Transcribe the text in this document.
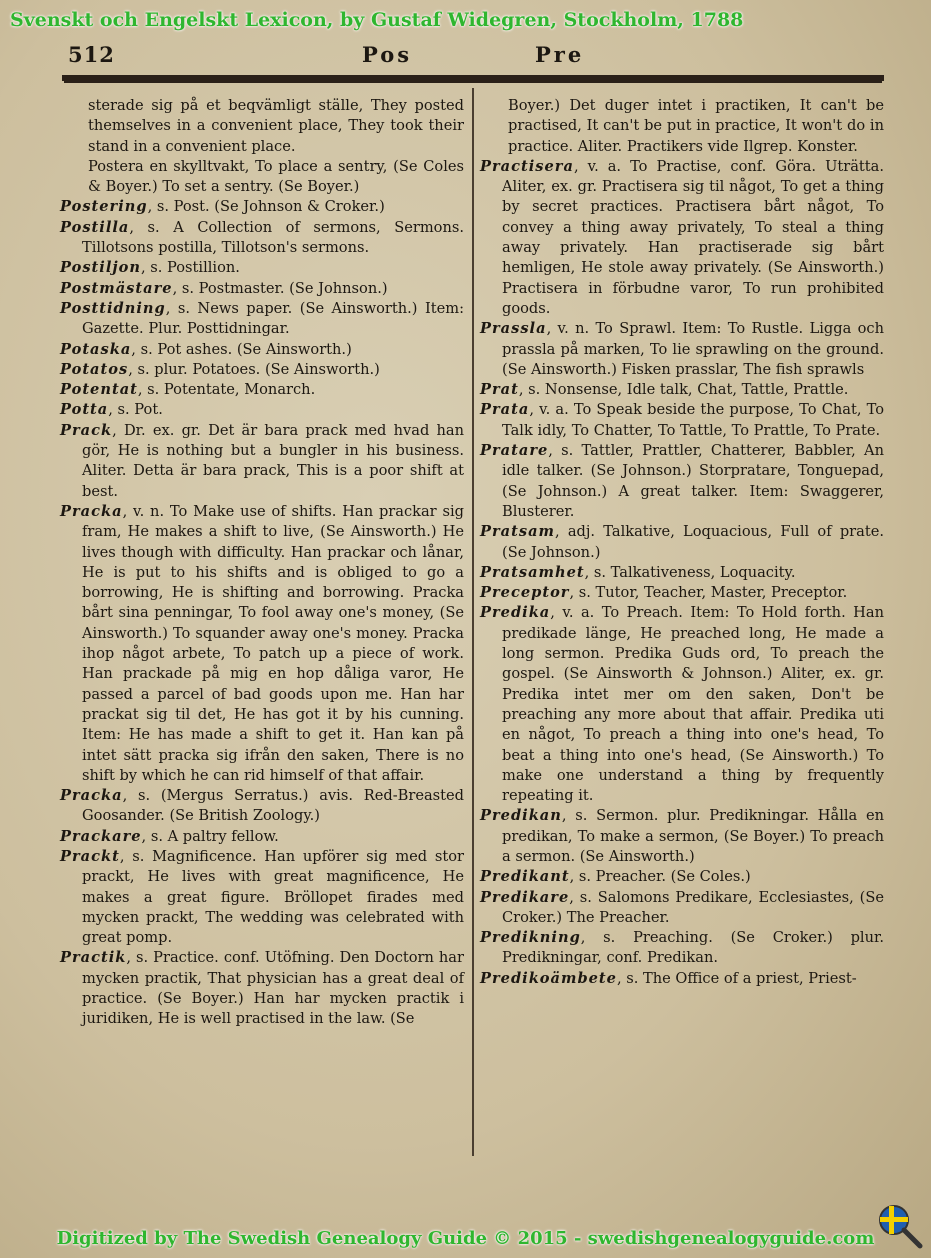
Svenskt och Engelskt Lexicon, by Gustaf Widegren, Stockholm, 1788
512	Pos	Pre

sterade sig på et beqvämligt ställe, They posted themselves in a convenient place, They took their stand in a convenient place.

Postera en skylltvakt, To place a sentry, (Se Coles & Boyer.) To set a sentry. (Se Boyer.)

Postering, s. Post. (Se Johnson & Croker.)

Postilla, s. A Collection of sermons, Sermons. Tillotsons postilla, Tillotson's sermons.

Postiljon, s. Postillion.

Postmästare, s. Postmaster. (Se Johnson.)

Posttidning, s. News paper. (Se Ainsworth.) Item: Gazette. Plur. Posttidningar.

Potaska, s. Pot ashes. (Se Ainsworth.)

Potatos, s. plur. Potatoes. (Se Ainsworth.)

Potentat, s. Potentate, Monarch.

Potta, s. Pot.

Prack, Dr. ex. gr. Det är bara prack med hvad han gör, He is nothing but a bungler in his business. Aliter. Detta är bara prack, This is a poor shift at best.

Pracka, v. n. To Make use of shifts. Han prackar sig fram, He makes a shift to live, (Se Ainsworth.) He lives though with difficulty. Han prackar och lånar, He is put to his shifts and is obliged to go a borrowing, He is shifting and borrowing. Pracka bårt sina penningar, To fool away one's money, (Se Ainsworth.) To squander away one's money. Pracka ihop något arbete, To patch up a piece of work. Han prackade på mig en hop dåliga varor, He passed a parcel of bad goods upon me. Han har prackat sig til det, He has got it by his cunning. Item: He has made a shift to get it. Han kan på intet sätt pracka sig ifrån den saken, There is no shift by which he can rid himself of that affair.

Pracka, s. (Mergus Serratus.) avis. Red-Breasted Goosander. (Se British Zoology.)

Prackare, s. A paltry fellow.

Prackt, s. Magnificence. Han upförer sig med stor prackt, He lives with great magnificence, He makes a great figure. Bröllopet firades med mycken prackt, The wedding was celebrated with great pomp.

Practik, s. Practice. conf. Utöfning. Den Doctorn har mycken practik, That physician has a great deal of practice. (Se Boyer.) Han har mycken practik i juridiken, He is well practised in the law. (Se

Boyer.) Det duger intet i practiken, It can't be practised, It can't be put in practice, It won't do in practice. Aliter. Practikers vide Ilgrep. Konster.

Practisera, v. a. To Practise, conf. Göra. Uträtta. Aliter, ex. gr. Practisera sig til något, To get a thing by secret practices. Practisera bårt något, To convey a thing away privately, To steal a thing away privately. Han practiserade sig bårt hemligen, He stole away privately. (Se Ainsworth.) Practisera in förbudne varor, To run prohibited goods.

Prassla, v. n. To Sprawl. Item: To Rustle. Ligga och prassla på marken, To lie sprawling on the ground. (Se Ainsworth.) Fisken prasslar, The fish sprawls

Prat, s. Nonsense, Idle talk, Chat, Tattle, Prattle.

Prata, v. a. To Speak beside the purpose, To Chat, To Talk idly, To Chatter, To Tattle, To Prattle, To Prate.

Pratare, s. Tattler, Prattler, Chatterer, Babbler, An idle talker. (Se Johnson.) Storpratare, Tonguepad, (Se Johnson.) A great talker. Item: Swaggerer, Blusterer.

Pratsam, adj. Talkative, Loquacious, Full of prate. (Se Johnson.)

Pratsamhet, s. Talkativeness, Loquacity.

Preceptor, s. Tutor, Teacher, Master, Preceptor.

Predika, v. a. To Preach. Item: To Hold forth. Han predikade länge, He preached long, He made a long sermon. Predika Guds ord, To preach the gospel. (Se Ainsworth & Johnson.) Aliter, ex. gr. Predika intet mer om den saken, Don't be preaching any more about that affair. Predika uti en något, To preach a thing into one's head, To beat a thing into one's head, (Se Ainsworth.) To make one understand a thing by frequently repeating it.

Predikan, s. Sermon. plur. Predikningar. Hålla en predikan, To make a sermon, (Se Boyer.) To preach a sermon. (Se Ainsworth.)

Predikant, s. Preacher. (Se Coles.)

Predikare, s. Salomons Predikare, Ecclesiastes, (Se Croker.) The Preacher.

Predikning, s. Preaching. (Se Croker.) plur. Predikningar, conf. Predikan.

Predikoämbete, s. The Office of a priest, Priest-

Digitized by The Swedish Genealogy Guide © 2015 - swedishgenealogyguide.com
